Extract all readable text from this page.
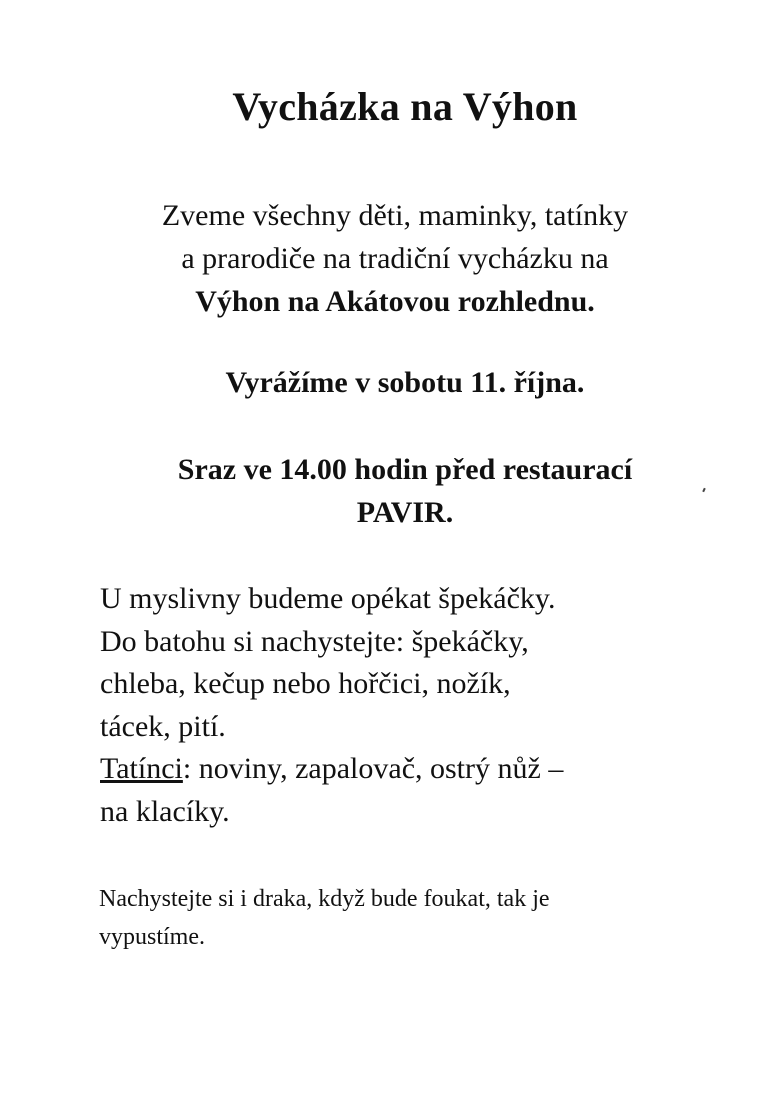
Vycházka na Výhon
Zveme všechny děti, maminky, tatínky
a prarodiče na tradiční vycházku na
Výhon na Akátovou rozhlednu.
Vyrážíme v sobotu 11. října.
Sraz ve 14.00 hodin před restaurací
PAVIR.
U myslivny budeme opékat špekáčky.
Do batohu si nachystejte: špekáčky,
chleba, kečup nebo hořčici, nožík,
tácek, pití.
Tatínci: noviny, zapalovač, ostrý nůž –
na klacíky.
Nachystejte si i draka, když bude foukat, tak je
vypustíme.
